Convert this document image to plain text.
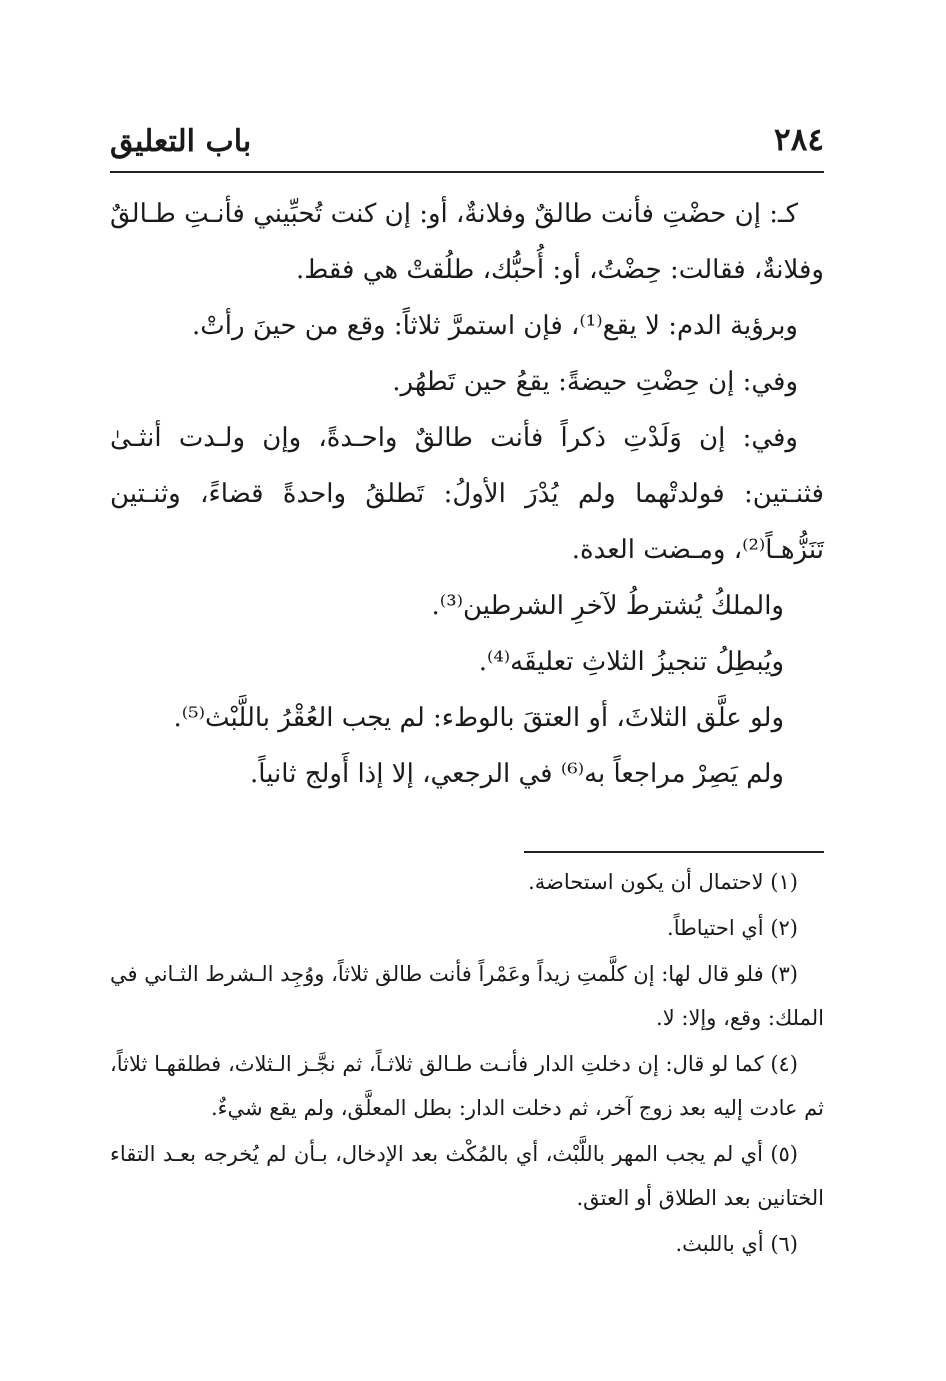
٢٨٤
باب التعليق

كـ: إن حضْتِ فأنت طالقٌ وفلانةٌ، أو: إن كنت تُحبِّيني فأنـتِ طـالقٌ وفلانةٌ، فقالت: حِضْتُ، أو: أُحبُّك، طلُقتْ هي فقط.

وبرؤية الدم: لا يقع⁽¹⁾، فإن استمرَّ ثلاثاً: وقع من حينَ رأتْ.

وفي: إن حِضْتِ حيضةً: يقعُ حين تَطهُر.

وفي: إن وَلَدْتِ ذكراً فأنت طالقٌ واحـدةً، وإن ولـدت أنثـىٰ فثنـتين: فولدتْهما ولم يُدْرَ الأولُ: تَطلقُ واحدةً قضاءً، وثنـتين تَنَزُّهـاً⁽²⁾، ومـضت العدة.

والملكُ يُشترطُ لآخرِ الشرطين⁽³⁾.

ويُبطِلُ تنجيزُ الثلاثِ تعليقَه⁽⁴⁾.

ولو علَّق الثلاثَ، أو العتقَ بالوطء: لم يجب العُقْرُ باللَّبْث⁽⁵⁾.

ولم يَصِرْ مراجعاً به⁽⁶⁾ في الرجعي، إلا إذا أَولج ثانياً.

(١) لاحتمال أن يكون استحاضة.

(٢) أي احتياطاً.

(٣) فلو قال لها: إن كلَّمتِ زيداً وعَمْراً فأنت طالق ثلاثاً، ووُجِد الـشرط الثـاني في الملك: وقع، وإلا: لا.

(٤) كما لو قال: إن دخلتِ الدار فأنـت طـالق ثلاثـاً، ثم نجَّـز الـثلاث، فطلقهـا ثلاثاً، ثم عادت إليه بعد زوج آخر، ثم دخلت الدار: بطل المعلَّق، ولم يقع شيءٌ.

(٥) أي لم يجب المهر باللَّبْث، أي بالمُكْث بعد الإدخال، بـأن لم يُخرجه بعـد التقاء الختانين بعد الطلاق أو العتق.

(٦) أي باللبث.
